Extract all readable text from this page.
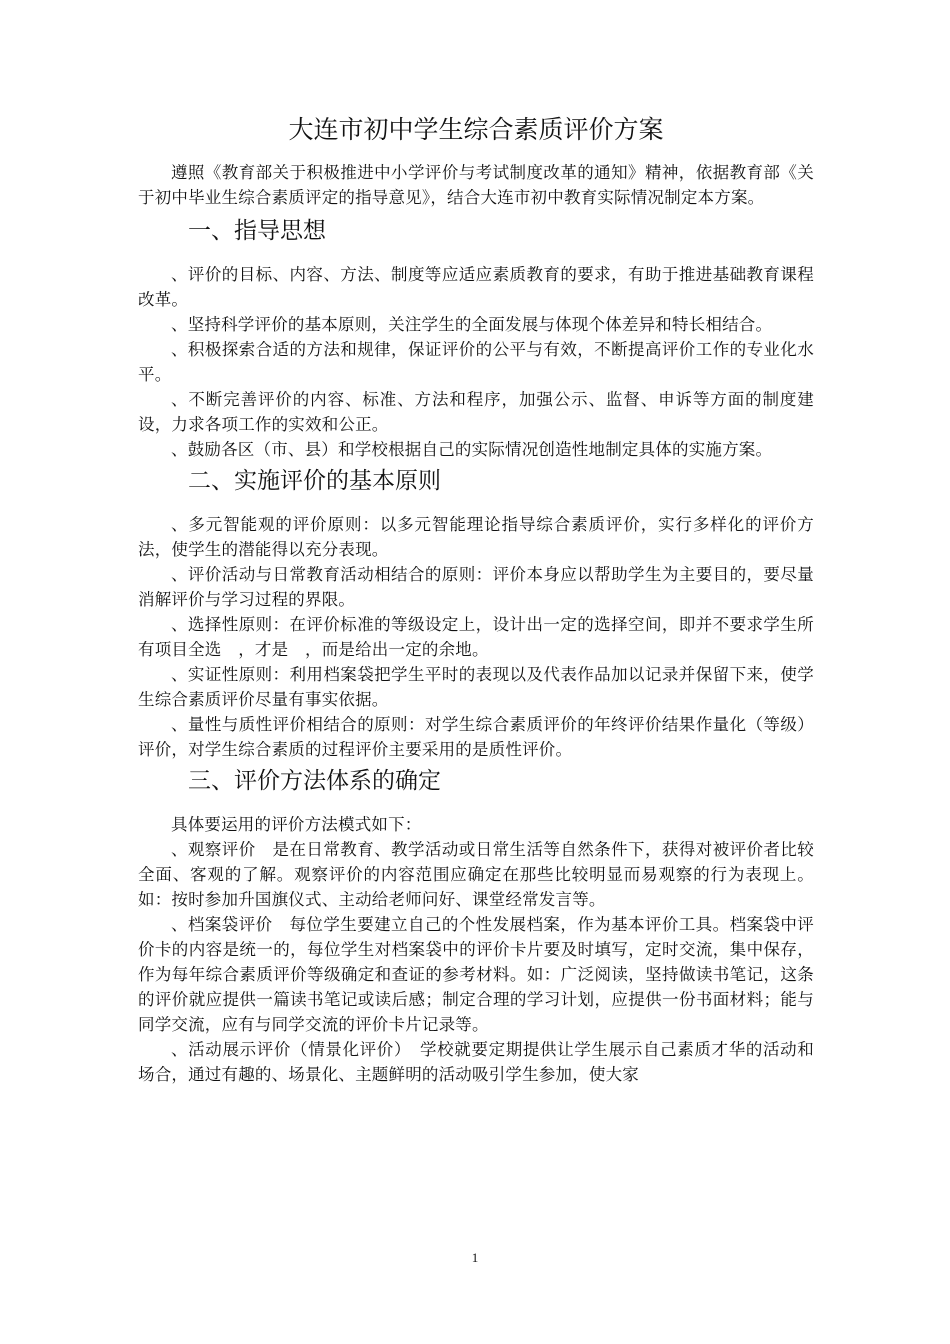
大连市初中学生综合素质评价方案

遵照《教育部关于积极推进中小学评价与考试制度改革的通知》精神，依据教育部《关于初中毕业生综合素质评定的指导意见》，结合大连市初中教育实际情况制定本方案。

一、指导思想

、评价的目标、内容、方法、制度等应适应素质教育的要求，有助于推进基础教育课程改革。

、坚持科学评价的基本原则，关注学生的全面发展与体现个体差异和特长相结合。

、积极探索合适的方法和规律，保证评价的公平与有效，不断提高评价工作的专业化水平。

、不断完善评价的内容、标准、方法和程序，加强公示、监督、申诉等方面的制度建设，力求各项工作的实效和公正。

、鼓励各区（市、县）和学校根据自己的实际情况创造性地制定具体的实施方案。

二、实施评价的基本原则

、多元智能观的评价原则：以多元智能理论指导综合素质评价，实行多样化的评价方法，使学生的潜能得以充分表现。

、评价活动与日常教育活动相结合的原则：评价本身应以帮助学生为主要目的，要尽量消解评价与学习过程的界限。

、选择性原则：在评价标准的等级设定上，设计出一定的选择空间，即并不要求学生所有项目全选　，才是　，而是给出一定的余地。

、实证性原则：利用档案袋把学生平时的表现以及代表作品加以记录并保留下来，使学生综合素质评价尽量有事实依据。

、量性与质性评价相结合的原则：对学生综合素质评价的年终评价结果作量化（等级）评价，对学生综合素质的过程评价主要采用的是质性评价。

三、评价方法体系的确定

具体要运用的评价方法模式如下：

、观察评价　是在日常教育、教学活动或日常生活等自然条件下，获得对被评价者比较全面、客观的了解。观察评价的内容范围应确定在那些比较明显而易观察的行为表现上。如：按时参加升国旗仪式、主动给老师问好、课堂经常发言等。

、档案袋评价　每位学生要建立自己的个性发展档案，作为基本评价工具。档案袋中评价卡的内容是统一的，每位学生对档案袋中的评价卡片要及时填写，定时交流，集中保存，作为每年综合素质评价等级确定和查证的参考材料。如：广泛阅读，坚持做读书笔记，这条的评价就应提供一篇读书笔记或读后感；制定合理的学习计划，应提供一份书面材料；能与同学交流，应有与同学交流的评价卡片记录等。

、活动展示评价（情景化评价）　学校就要定期提供让学生展示自己素质才华的活动和场合，通过有趣的、场景化、主题鲜明的活动吸引学生参加，使大家

1
